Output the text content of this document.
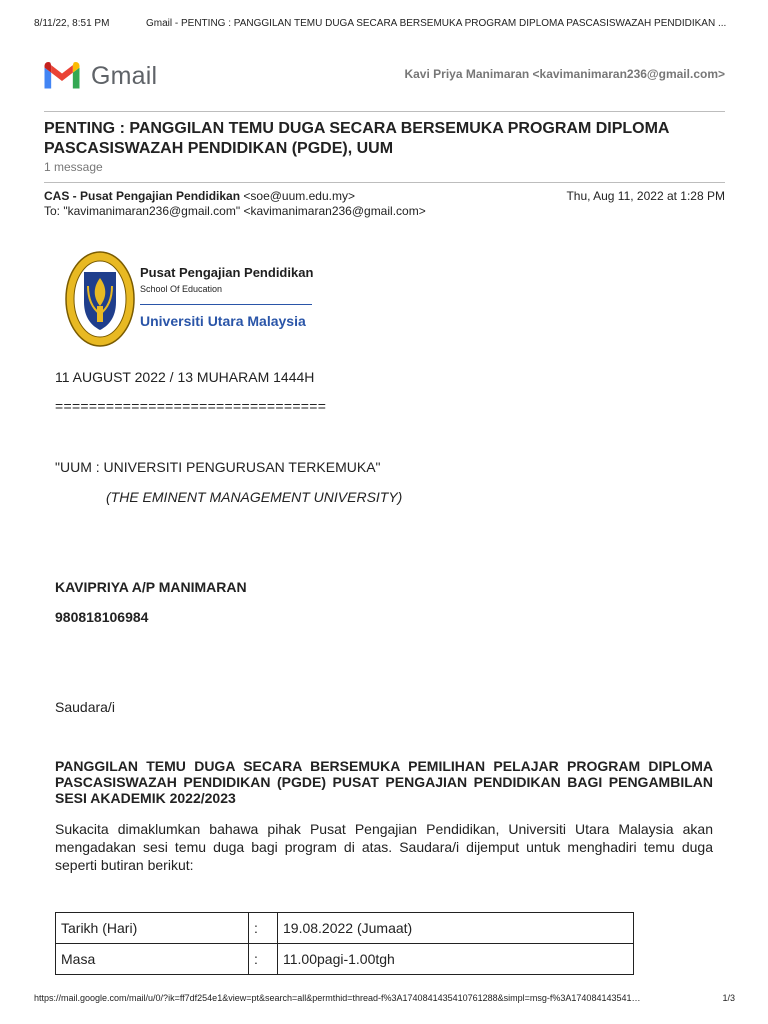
8/11/22, 8:51 PM	Gmail - PENTING : PANGGILAN TEMU DUGA SECARA BERSEMUKA PROGRAM DIPLOMA PASCASISWAZAH PENDIDIKAN ...
Gmail	Kavi Priya Manimaran <kavimanimaran236@gmail.com>
PENTING : PANGGILAN TEMU DUGA SECARA BERSEMUKA PROGRAM DIPLOMA PASCASISWAZAH PENDIDIKAN (PGDE), UUM
1 message
CAS - Pusat Pengajian Pendidikan <soe@uum.edu.my>	Thu, Aug 11, 2022 at 1:28 PM
To: "kavimanimaran236@gmail.com" <kavimanimaran236@gmail.com>
Pusat Pengajian Pendidikan
School Of Education
Universiti Utara Malaysia
11 AUGUST 2022 / 13 MUHARAM 1444H
================================
"UUM : UNIVERSITI PENGURUSAN TERKEMUKA"
(THE EMINENT MANAGEMENT UNIVERSITY)
KAVIPRIYA A/P MANIMARAN
980818106984
Saudara/i
PANGGILAN TEMU DUGA SECARA BERSEMUKA PEMILIHAN PELAJAR PROGRAM DIPLOMA PASCASISWAZAH PENDIDIKAN (PGDE) PUSAT PENGAJIAN PENDIDIKAN BAGI PENGAMBILAN SESI AKADEMIK 2022/2023
Sukacita dimaklumkan bahawa pihak Pusat Pengajian Pendidikan, Universiti Utara Malaysia akan mengadakan sesi temu duga bagi program di atas. Saudara/i dijemput untuk menghadiri temu duga seperti butiran berikut:
Tarikh (Hari)	:	19.08.2022 (Jumaat)
Masa	:	11.00pagi-1.00tgh
https://mail.google.com/mail/u/0/?ik=ff7df254e1&view=pt&search=all&permthid=thread-f%3A1740841435410761288&simpl=msg-f%3A174084143541…	1/3
